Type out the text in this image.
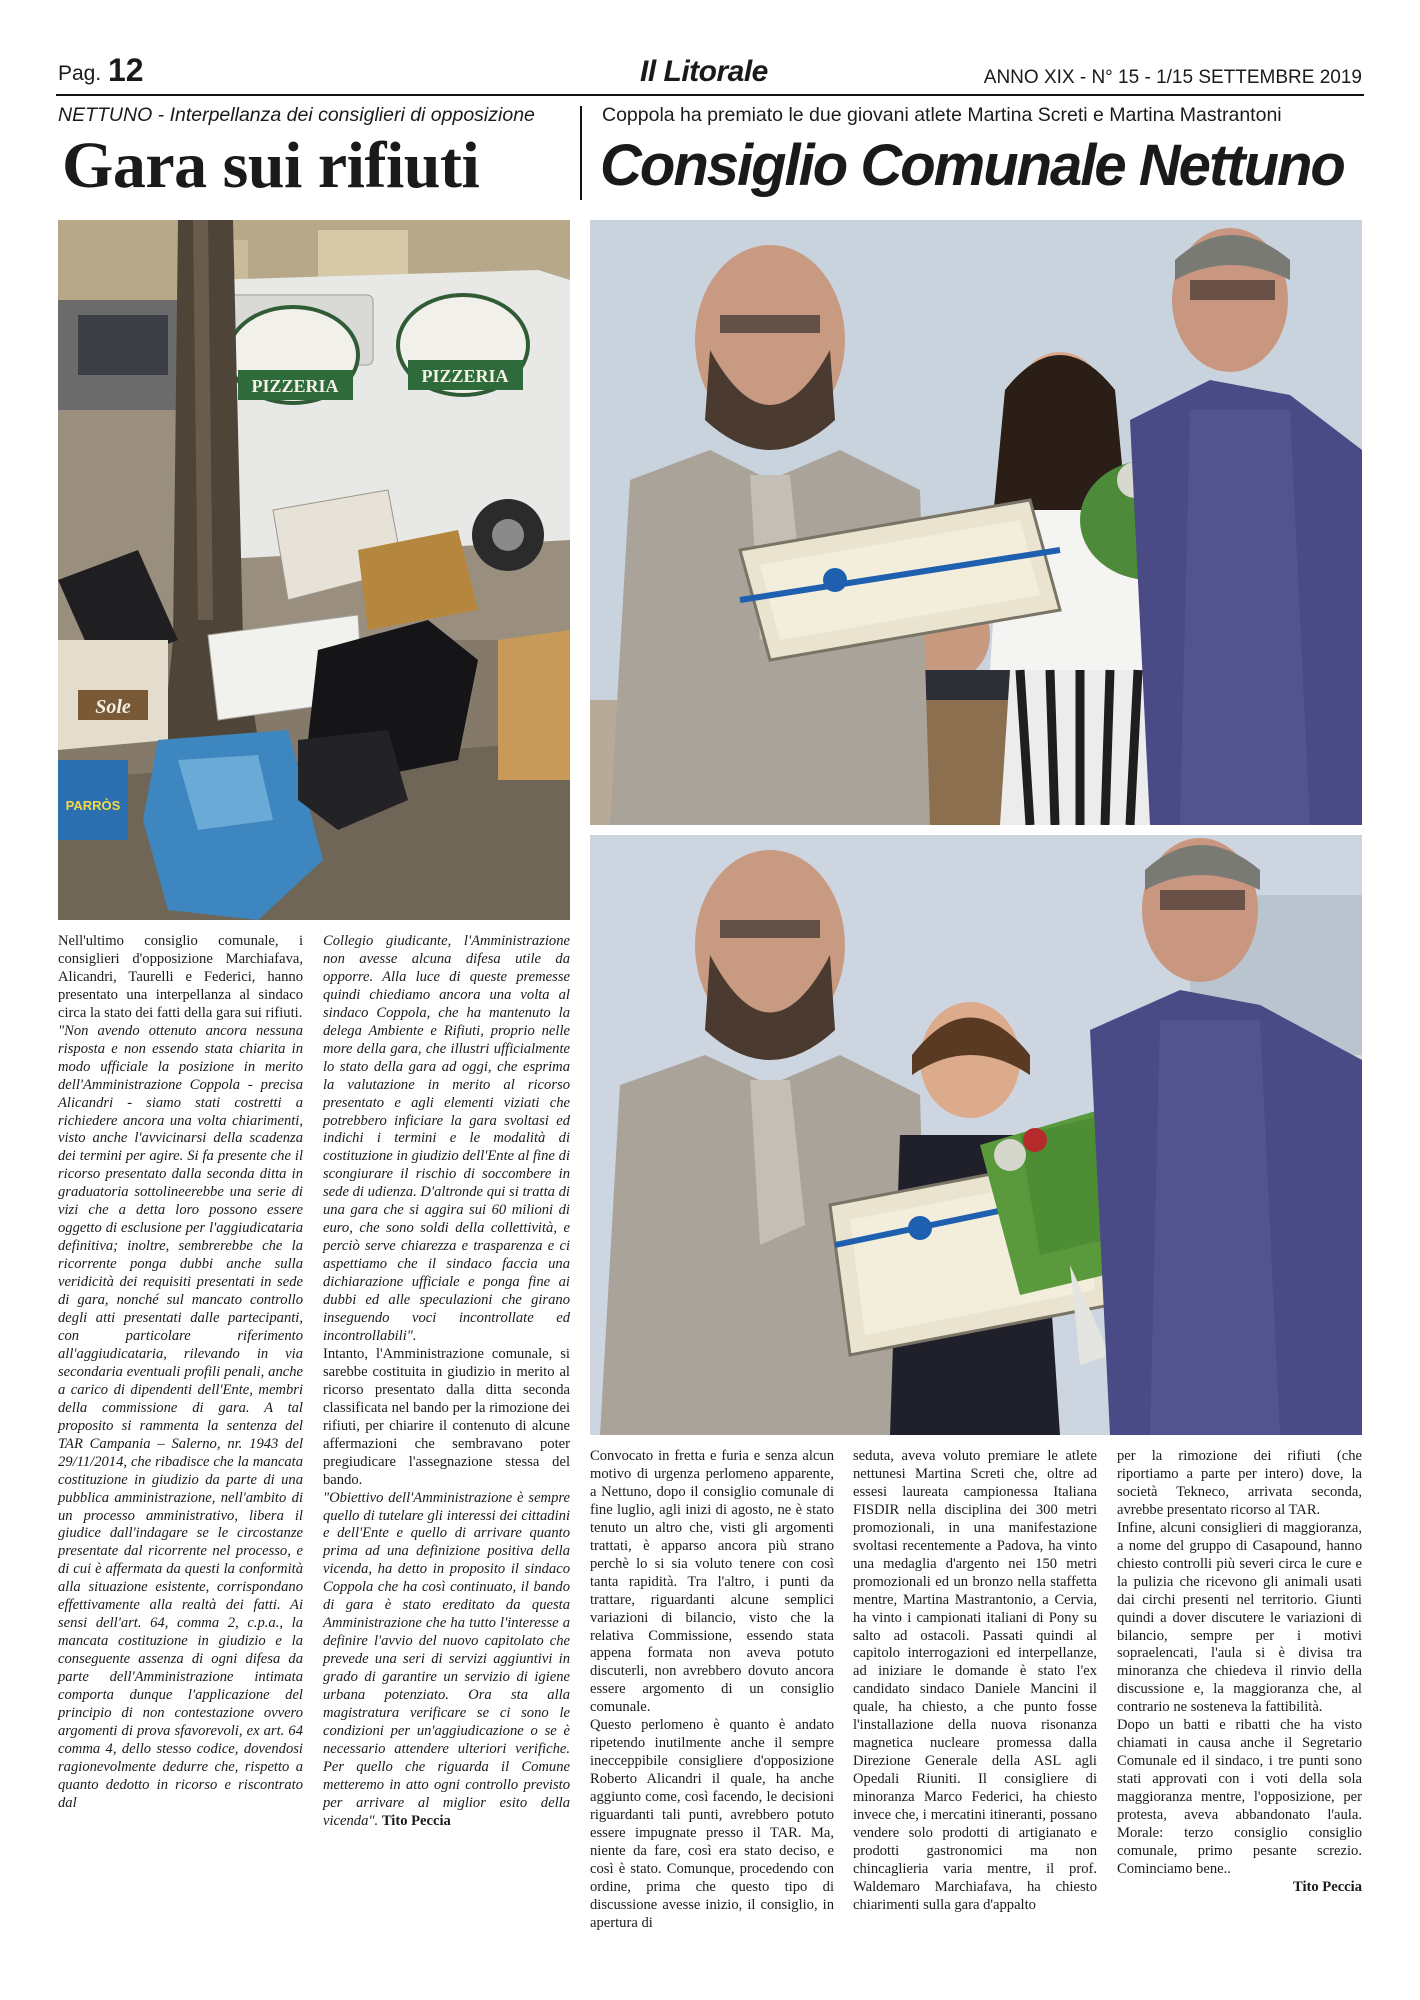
Pag. 12	Il Litorale	ANNO XIX - N° 15 - 1/15 SETTEMBRE 2019
NETTUNO - Interpellanza dei consiglieri di opposizione
Gara sui rifiuti
Coppola ha premiato le due giovani atlete Martina Screti e Martina Mastrantoni
Consiglio Comunale Nettuno
PIZZERIA	PIZZERIA
Sole
PARRÒS

Nell'ultimo consiglio comunale, i consiglieri d'opposizione Marchiafava, Alicandri, Taurelli e Federici, hanno presentato una interpellanza al sindaco circa la stato dei fatti della gara sui rifiuti.

"Non avendo ottenuto ancora nessuna risposta e non essendo stata chiarita in modo ufficiale la posizione in merito dell'Amministrazione Coppola - precisa Alicandri - siamo stati costretti a richiedere ancora una volta chiarimenti, visto anche l'avvicinarsi della scadenza dei termini per agire. Si fa presente che il ricorso presentato dalla seconda ditta in graduatoria sottolineerebbe una serie di vizi che a detta loro possono essere oggetto di esclusione per l'aggiudicataria definitiva; inoltre, sembrerebbe che la ricorrente ponga dubbi anche sulla veridicità dei requisiti presentati in sede di gara, nonché sul mancato controllo degli atti presentati dalle partecipanti, con particolare riferimento all'aggiudicataria, rilevando in via secondaria eventuali profili penali, anche a carico di dipendenti dell'Ente, membri della commissione di gara. A tal proposito si rammenta la sentenza del TAR Campania – Salerno, nr. 1943 del 29/11/2014, che ribadisce che la mancata costituzione in giudizio da parte di una pubblica amministrazione, nell'ambito di un processo amministrativo, libera il giudice dall'indagare se le circostanze presentate dal ricorrente nel processo, e di cui è affermata da questi la conformità alla situazione esistente, corrispondano effettivamente alla realtà dei fatti. Ai sensi dell'art. 64, comma 2, c.p.a., la mancata costituzione in giudizio e la conseguente assenza di ogni difesa da parte dell'Amministrazione intimata comporta dunque l'applicazione del principio di non contestazione ovvero argomenti di prova sfavorevoli, ex art. 64 comma 4, dello stesso codice, dovendosi ragionevolmente dedurre che, rispetto a quanto dedotto in ricorso e riscontrato dal

Collegio giudicante, l'Amministrazione non avesse alcuna difesa utile da opporre. Alla luce di queste premesse quindi chiediamo ancora una volta al sindaco Coppola, che ha mantenuto la delega Ambiente e Rifiuti, proprio nelle more della gara, che illustri ufficialmente lo stato della gara ad oggi, che esprima la valutazione in merito al ricorso presentato e agli elementi viziati che potrebbero inficiare la gara svoltasi ed indichi i termini e le modalità di costituzione in giudizio dell'Ente al fine di scongiurare il rischio di soccombere in sede di udienza. D'altronde qui si tratta di una gara che si aggira sui 60 milioni di euro, che sono soldi della collettività, e perciò serve chiarezza e trasparenza e ci aspettiamo che il sindaco faccia una dichiarazione ufficiale e ponga fine ai dubbi ed alle speculazioni che girano inseguendo voci incontrollate ed incontrollabili".

Intanto, l'Amministrazione comunale, si sarebbe costituita in giudizio in merito al ricorso presentato dalla ditta seconda classificata nel bando per la rimozione dei rifiuti, per chiarire il contenuto di alcune affermazioni che sembravano poter pregiudicare l'assegnazione stessa del bando.

"Obiettivo dell'Amministrazione è sempre quello di tutelare gli interessi dei cittadini e dell'Ente e quello di arrivare quanto prima ad una definizione positiva della vicenda, ha detto in proposito il sindaco Coppola che ha così continuato, il bando di gara è stato ereditato da questa Amministrazione che ha tutto l'interesse a definire l'avvio del nuovo capitolato che prevede una seri di servizi aggiuntivi in grado di garantire un servizio di igiene urbana potenziato. Ora sta alla magistratura verificare se ci sono le condizioni per un'aggiudicazione o se è necessario attendere ulteriori verifiche. Per quello che riguarda il Comune metteremo in atto ogni controllo previsto per arrivare al miglior esito della vicenda". Tito Peccia

Convocato in fretta e furia e senza alcun motivo di urgenza perlomeno apparente, a Nettuno, dopo il consiglio comunale di fine luglio, agli inizi di agosto, ne è stato tenuto un altro che, visti gli argomenti trattati, è apparso ancora più strano perchè lo si sia voluto tenere con così tanta rapidità. Tra l'altro, i punti da trattare, riguardanti alcune semplici variazioni di bilancio, visto che la relativa Commissione, essendo stata appena formata non aveva potuto discuterli, non avrebbero dovuto ancora essere argomento di un consiglio comunale.

Questo perlomeno è quanto è andato ripetendo inutilmente anche il sempre inecceppibile consigliere d'opposizione Roberto Alicandri il quale, ha anche aggiunto come, così facendo, le decisioni riguardanti tali punti, avrebbero potuto essere impugnate presso il TAR. Ma, niente da fare, così era stato deciso, e così è stato. Comunque, procedendo con ordine, prima che questo tipo di discussione avesse inizio, il consiglio, in apertura di

seduta, aveva voluto premiare le atlete nettunesi Martina Screti che, oltre ad essesi laureata campionessa Italiana FISDIR nella disciplina dei 300 metri promozionali, in una manifestazione svoltasi recentemente a Padova, ha vinto una medaglia d'argento nei 150 metri promozionali ed un bronzo nella staffetta mentre, Martina Mastrantonio, a Cervia, ha vinto i campionati italiani di Pony su salto ad ostacoli. Passati quindi al capitolo interrogazioni ed interpellanze, ad iniziare le domande è stato l'ex candidato sindaco Daniele Mancini il quale, ha chiesto, a che punto fosse l'installazione della nuova risonanza magnetica nucleare promessa dalla Direzione Generale della ASL agli Opedali Riuniti. Il consigliere di minoranza Marco Federici, ha chiesto invece che, i mercatini itineranti, possano vendere solo prodotti di artigianato e prodotti gastronomici ma non chincaglieria varia mentre, il prof. Waldemaro Marchiafava, ha chiesto chiarimenti sulla gara d'appalto

per la rimozione dei rifiuti (che riportiamo a parte per intero) dove, la società Tekneco, arrivata seconda, avrebbe presentato ricorso al TAR.

Infine, alcuni consiglieri di maggioranza, a nome del gruppo di Casapound, hanno chiesto controlli più severi circa le cure e la pulizia che ricevono gli animali usati dai circhi presenti nel territorio. Giunti quindi a dover discutere le variazioni di bilancio, sempre per i motivi sopraelencati, l'aula si è divisa tra minoranza che chiedeva il rinvio della discussione e, la maggioranza che, al contrario ne sosteneva la fattibilità.

Dopo un batti e ribatti che ha visto chiamati in causa anche il Segretario Comunale ed il sindaco, i tre punti sono stati approvati con i voti della sola maggioranza mentre, l'opposizione, per protesta, aveva abbandonato l'aula. Morale: terzo consiglio consiglio comunale, primo pesante screzio. Cominciamo bene..

Tito Peccia
